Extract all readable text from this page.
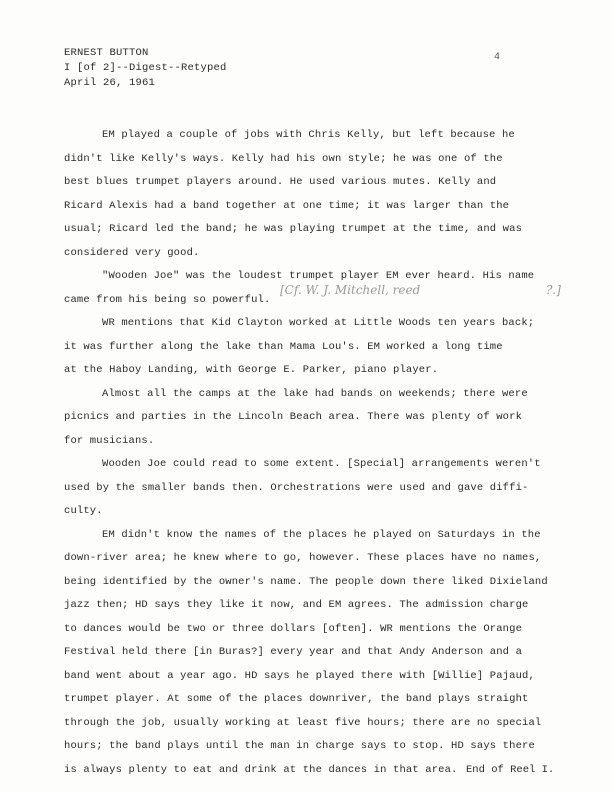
ERNEST BUTTON
I [of 2]--Digest--Retyped
April 26, 1961
4
EM played a couple of jobs with Chris Kelly, but left because he
didn't like Kelly's ways. Kelly had his own style; he was one of the
best blues trumpet players around. He used various mutes. Kelly and
Ricard Alexis had a band together at one time; it was larger than the
usual; Ricard led the band; he was playing trumpet at the time, and was
considered very good.
"Wooden Joe" was the loudest trumpet player EM ever heard. His name
came from his being so powerful.
WR mentions that Kid Clayton worked at Little Woods ten years back;
it was further along the lake than Mama Lou's. EM worked a long time
at the Haboy Landing, with George E. Parker, piano player.
Almost all the camps at the lake had bands on weekends; there were
picnics and parties in the Lincoln Beach area. There was plenty of work
for musicians.
Wooden Joe could read to some extent. [Special] arrangements weren't
used by the smaller bands then. Orchestrations were used and gave diffi-
culty.
EM didn't know the names of the places he played on Saturdays in the
down-river area; he knew where to go, however. These places have no names,
being identified by the owner's name. The people down there liked Dixieland
jazz then; HD says they like it now, and EM agrees. The admission charge
to dances would be two or three dollars [often]. WR mentions the Orange
Festival held there [in Buras?] every year and that Andy Anderson and a
band went about a year ago. HD says he played there with [Willie] Pajaud,
trumpet player. At some of the places downriver, the band plays straight
through the job, usually working at least five hours; there are no special
hours; the band plays until the man in charge says to stop. HD says there
is always plenty to eat and drink at the dances in that area.
[Cf. W. J. Mitchell, reed	?.]
End of Reel I.
